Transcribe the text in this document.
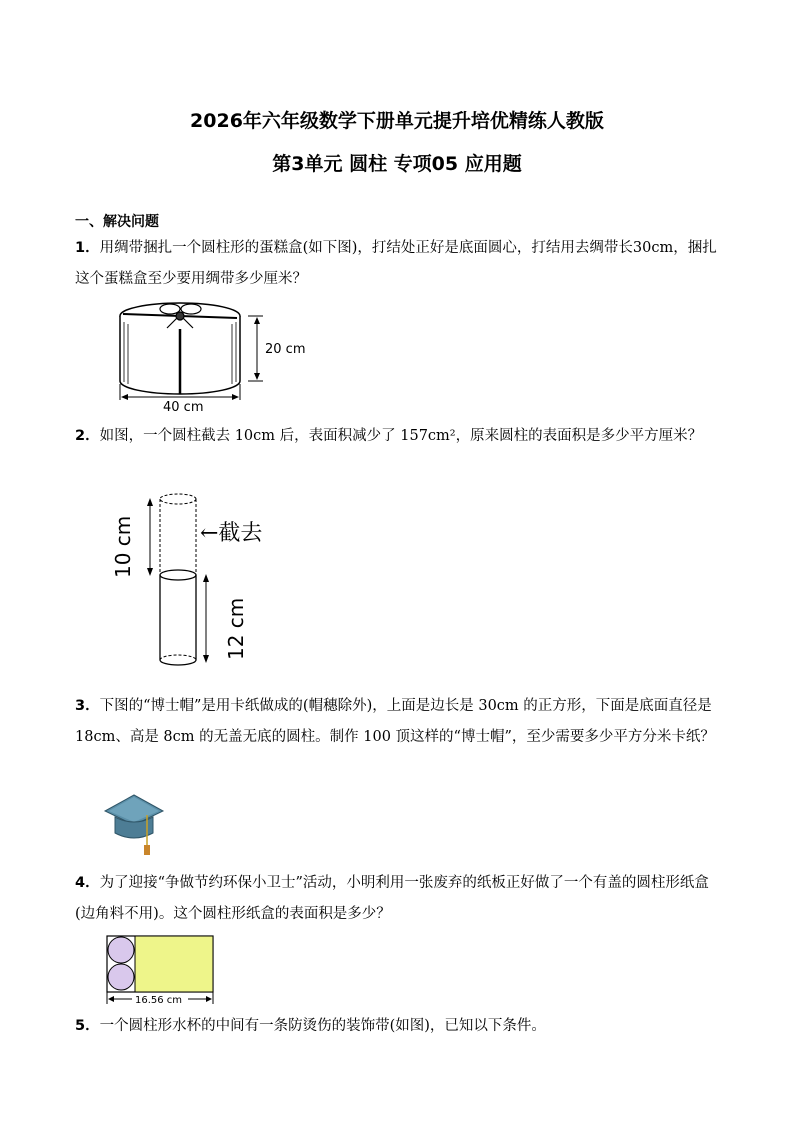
2026年六年级数学下册单元提升培优精练人教版
第3单元 圆柱 专项05 应用题
一、解决问题
1．用绸带捆扎一个圆柱形的蛋糕盒(如下图)，打结处正好是底面圆心，打结用去绸带长30cm，捆扎这个蛋糕盒至少要用绸带多少厘米？
20 cm
40 cm
2．如图，一个圆柱截去 10cm 后，表面积减少了 157cm²，原来圆柱的表面积是多少平方厘米？
10 cm
12 cm
←截去
3．下图的“博士帽”是用卡纸做成的(帽穗除外)，上面是边长是 30cm 的正方形，下面是底面直径是 18cm、高是 8cm 的无盖无底的圆柱。制作 100 顶这样的“博士帽”，至少需要多少平方分米卡纸？
4．为了迎接“争做节约环保小卫士”活动，小明利用一张废弃的纸板正好做了一个有盖的圆柱形纸盒(边角料不用)。这个圆柱形纸盒的表面积是多少？
16.56 cm
5．一个圆柱形水杯的中间有一条防烫伤的装饰带(如图)，已知以下条件。
